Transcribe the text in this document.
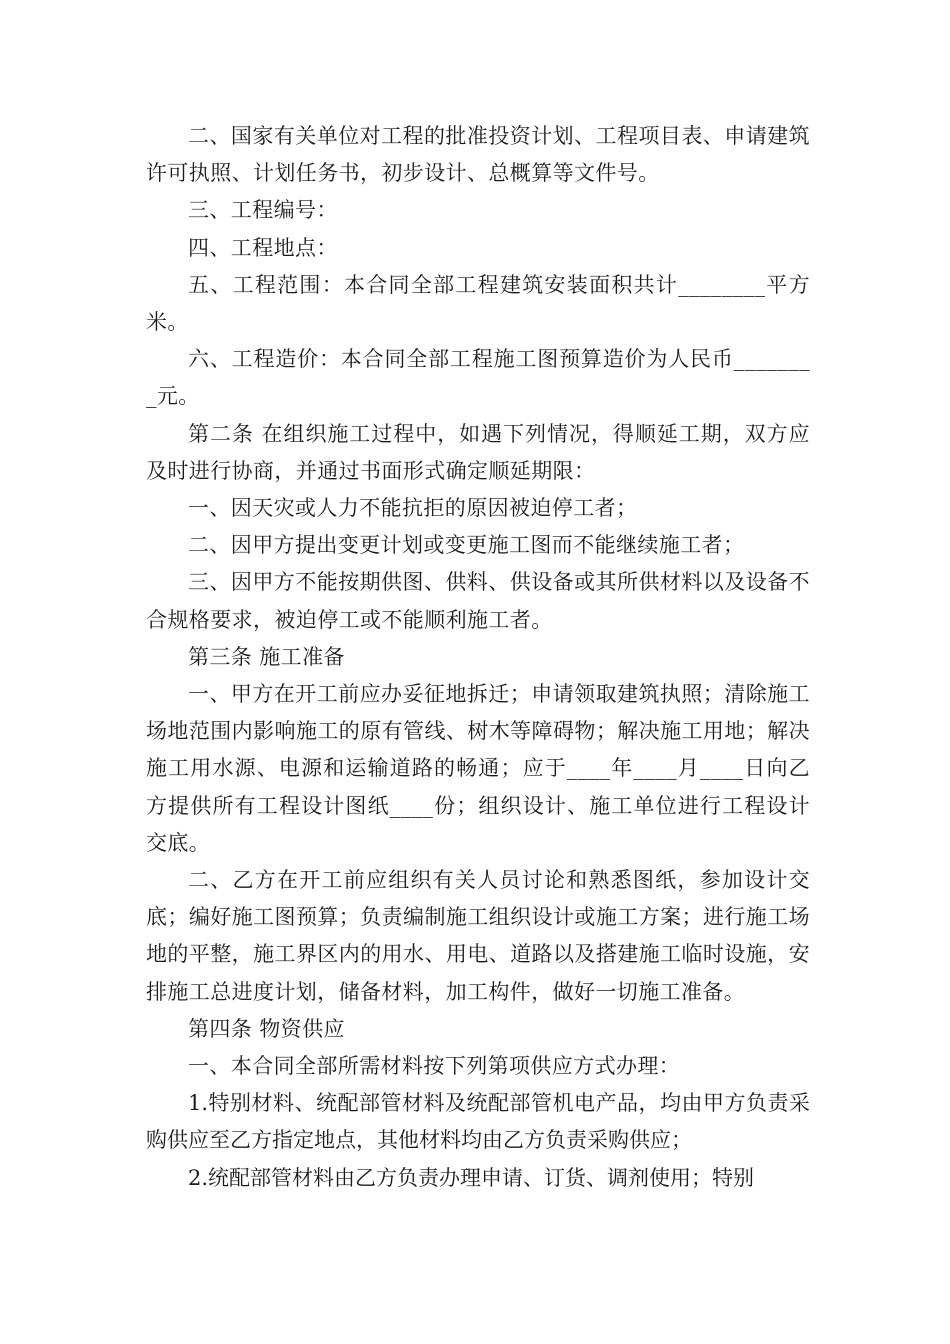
二、国家有关单位对工程的批准投资计划、工程项目表、申请建筑许可执照、计划任务书，初步设计、总概算等文件号。

三、工程编号：

四、工程地点：

五、工程范围：本合同全部工程建筑安装面积共计________平方米。

六、工程造价：本合同全部工程施工图预算造价为人民币________元。

第二条 在组织施工过程中，如遇下列情况，得顺延工期，双方应及时进行协商，并通过书面形式确定顺延期限：

一、因天灾或人力不能抗拒的原因被迫停工者；

二、因甲方提出变更计划或变更施工图而不能继续施工者；

三、因甲方不能按期供图、供料、供设备或其所供材料以及设备不合规格要求，被迫停工或不能顺利施工者。

第三条 施工准备

一、甲方在开工前应办妥征地拆迁；申请领取建筑执照；清除施工场地范围内影响施工的原有管线、树木等障碍物；解决施工用地；解决施工用水源、电源和运输道路的畅通；应于____年____月____日向乙方提供所有工程设计图纸____份；组织设计、施工单位进行工程设计交底。

二、乙方在开工前应组织有关人员讨论和熟悉图纸，参加设计交底；编好施工图预算；负责编制施工组织设计或施工方案；进行施工场地的平整，施工界区内的用水、用电、道路以及搭建施工临时设施，安排施工总进度计划，储备材料，加工构件，做好一切施工准备。

第四条 物资供应

一、本合同全部所需材料按下列第项供应方式办理：

1.特别材料、统配部管材料及统配部管机电产品，均由甲方负责采购供应至乙方指定地点，其他材料均由乙方负责采购供应；

2.统配部管材料由乙方负责办理申请、订货、调剂使用；特别
